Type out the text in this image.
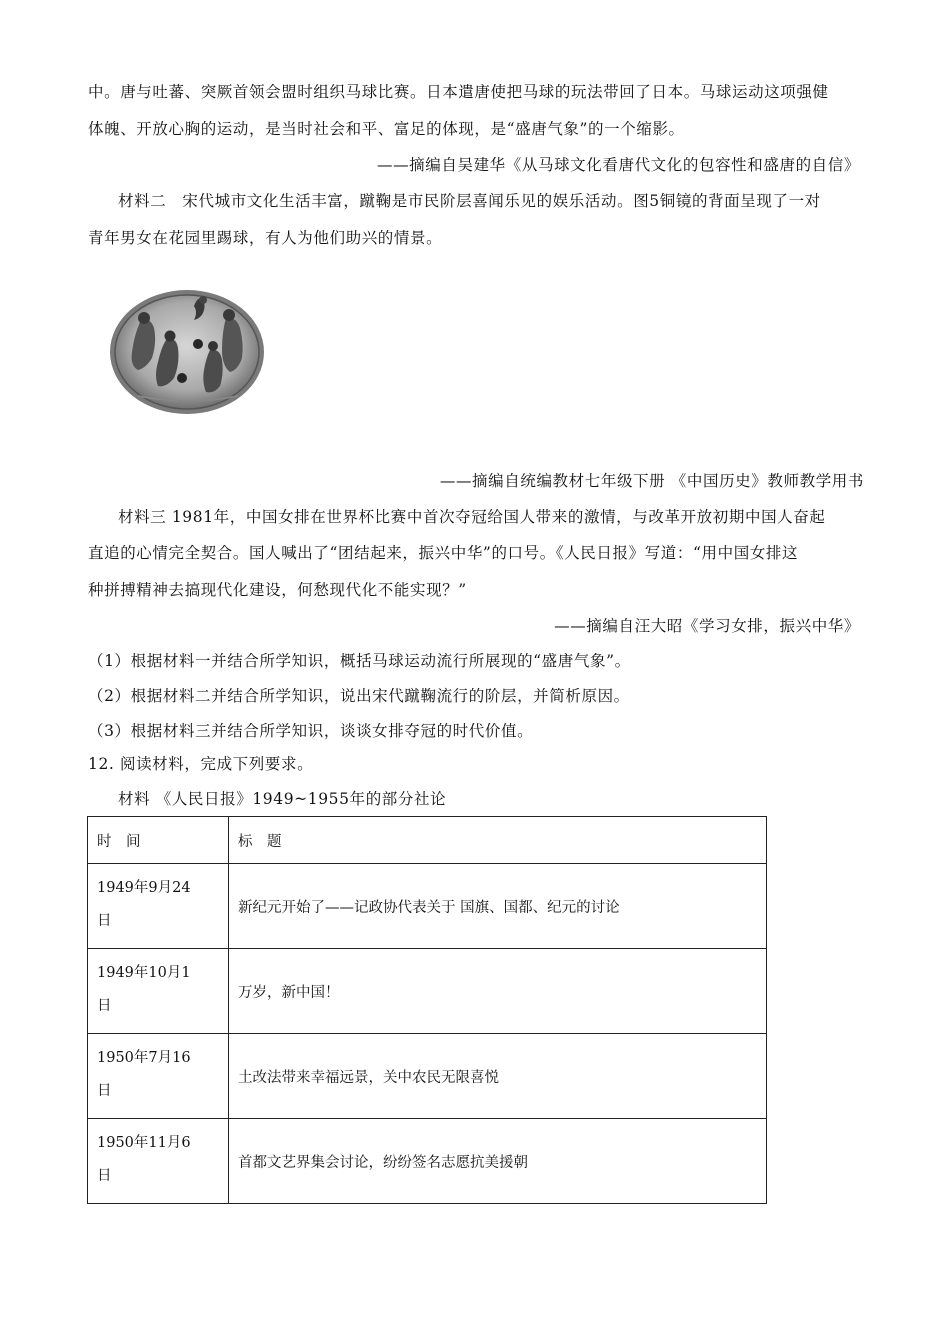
中。唐与吐蕃、突厥首领会盟时组织马球比赛。日本遣唐使把马球的玩法带回了日本。马球运动这项强健
体魄、开放心胸的运动，是当时社会和平、富足的体现，是“盛唐气象”的一个缩影。
——摘编自吴建华《从马球文化看唐代文化的包容性和盛唐的自信》
材料二　宋代城市文化生活丰富，蹴鞠是市民阶层喜闻乐见的娱乐活动。图5铜镜的背面呈现了一对
青年男女在花园里踢球，有人为他们助兴的情景。
——摘编自统编教材七年级下册 《中国历史》教师教学用书
材料三 1981年，中国女排在世界杯比赛中首次夺冠给国人带来的激情，与改革开放初期中国人奋起
直追的心情完全契合。国人喊出了“团结起来，振兴中华”的口号。《人民日报》写道：“用中国女排这
种拼搏精神去搞现代化建设，何愁现代化不能实现？”
——摘编自汪大昭《学习女排，振兴中华》
（1）根据材料一并结合所学知识，概括马球运动流行所展现的“盛唐气象”。
（2）根据材料二并结合所学知识，说出宋代蹴鞠流行的阶层，并简析原因。
（3）根据材料三并结合所学知识，谈谈女排夺冠的时代价值。
12. 阅读材料，完成下列要求。
材料 《人民日报》1949~1955年的部分社论
时　间	标　题

1949年9月24
日	新纪元开始了——记政协代表关于 国旗、国都、纪元的讨论

1949年10月1
日	万岁，新中国！

1950年7月16
日	土改法带来幸福远景，关中农民无限喜悦

1950年11月6
日	首都文艺界集会讨论，纷纷签名志愿抗美援朝
